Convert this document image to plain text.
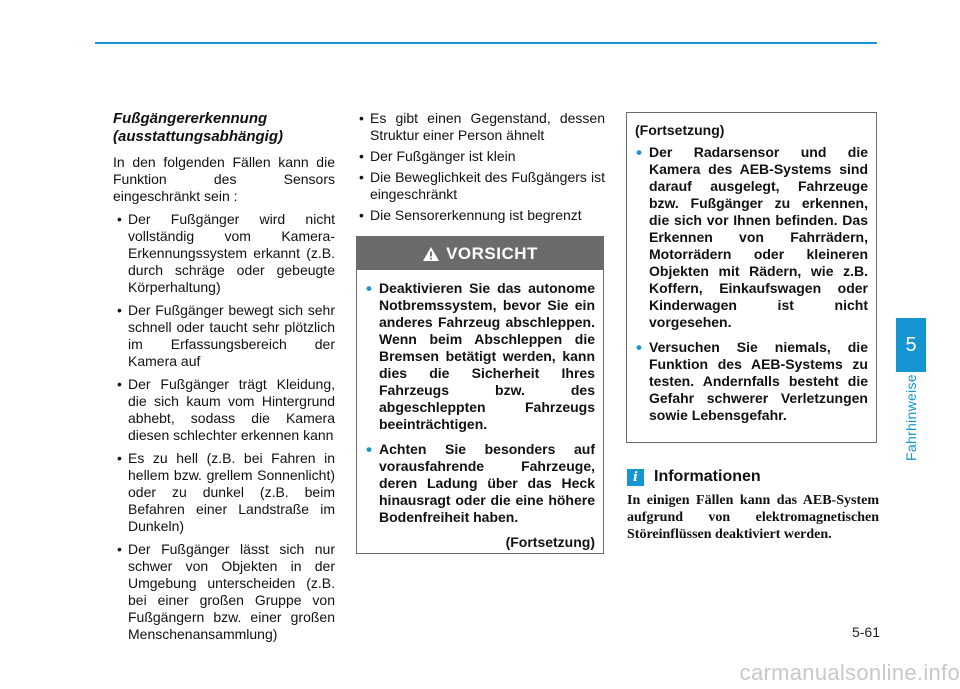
5
Fahrhinweise

Fußgängererkennung
(ausstattungsabhängig)

In den folgenden Fällen kann die Funktion des Sensors eingeschränkt sein :

• Der Fußgänger wird nicht vollständig vom Kamera-Erkennungssystem erkannt (z.B. durch schräge oder gebeugte Körperhaltung)
• Der Fußgänger bewegt sich sehr schnell oder taucht sehr plötzlich im Erfassungsbereich der Kamera auf
• Der Fußgänger trägt Kleidung, die sich kaum vom Hintergrund abhebt, sodass die Kamera diesen schlechter erkennen kann
• Es zu hell (z.B. bei Fahren in hellem bzw. grellem Sonnenlicht) oder zu dunkel (z.B. beim Befahren einer Landstraße im Dunkeln)
• Der Fußgänger lässt sich nur schwer von Objekten in der Umgebung unterscheiden (z.B. bei einer großen Gruppe von Fußgängern bzw. einer großen Menschenansammlung)
• Es gibt einen Gegenstand, dessen Struktur einer Person ähnelt
• Der Fußgänger ist klein
• Die Beweglichkeit des Fußgängers ist eingeschränkt
• Die Sensorerkennung ist begrenzt
VORSICHT
• Deaktivieren Sie das autonome Notbremssystem, bevor Sie ein anderes Fahrzeug abschleppen. Wenn beim Abschleppen die Bremsen betätigt werden, kann dies die Sicherheit Ihres Fahrzeugs bzw. des abgeschleppten Fahrzeugs beeinträchtigen.
• Achten Sie besonders auf vorausfahrende Fahrzeuge, deren Ladung über das Heck hinausragt oder die eine höhere Bodenfreiheit haben.
(Fortsetzung)
(Fortsetzung)
• Der Radarsensor und die Kamera des AEB-Systems sind darauf ausgelegt, Fahrzeuge bzw. Fußgänger zu erkennen, die sich vor Ihnen befinden. Das Erkennen von Fahrrädern, Motorrädern oder kleineren Objekten mit Rädern, wie z.B. Koffern, Einkaufswagen oder Kinderwagen ist nicht vorgesehen.
• Versuchen Sie niemals, die Funktion des AEB-Systems zu testen. Andernfalls besteht die Gefahr schwerer Verletzungen sowie Lebensgefahr.
i	Informationen
In einigen Fällen kann das AEB-System aufgrund von elektromagnetischen Störeinflüssen deaktiviert werden.
5-61
carmanualsonline.info
